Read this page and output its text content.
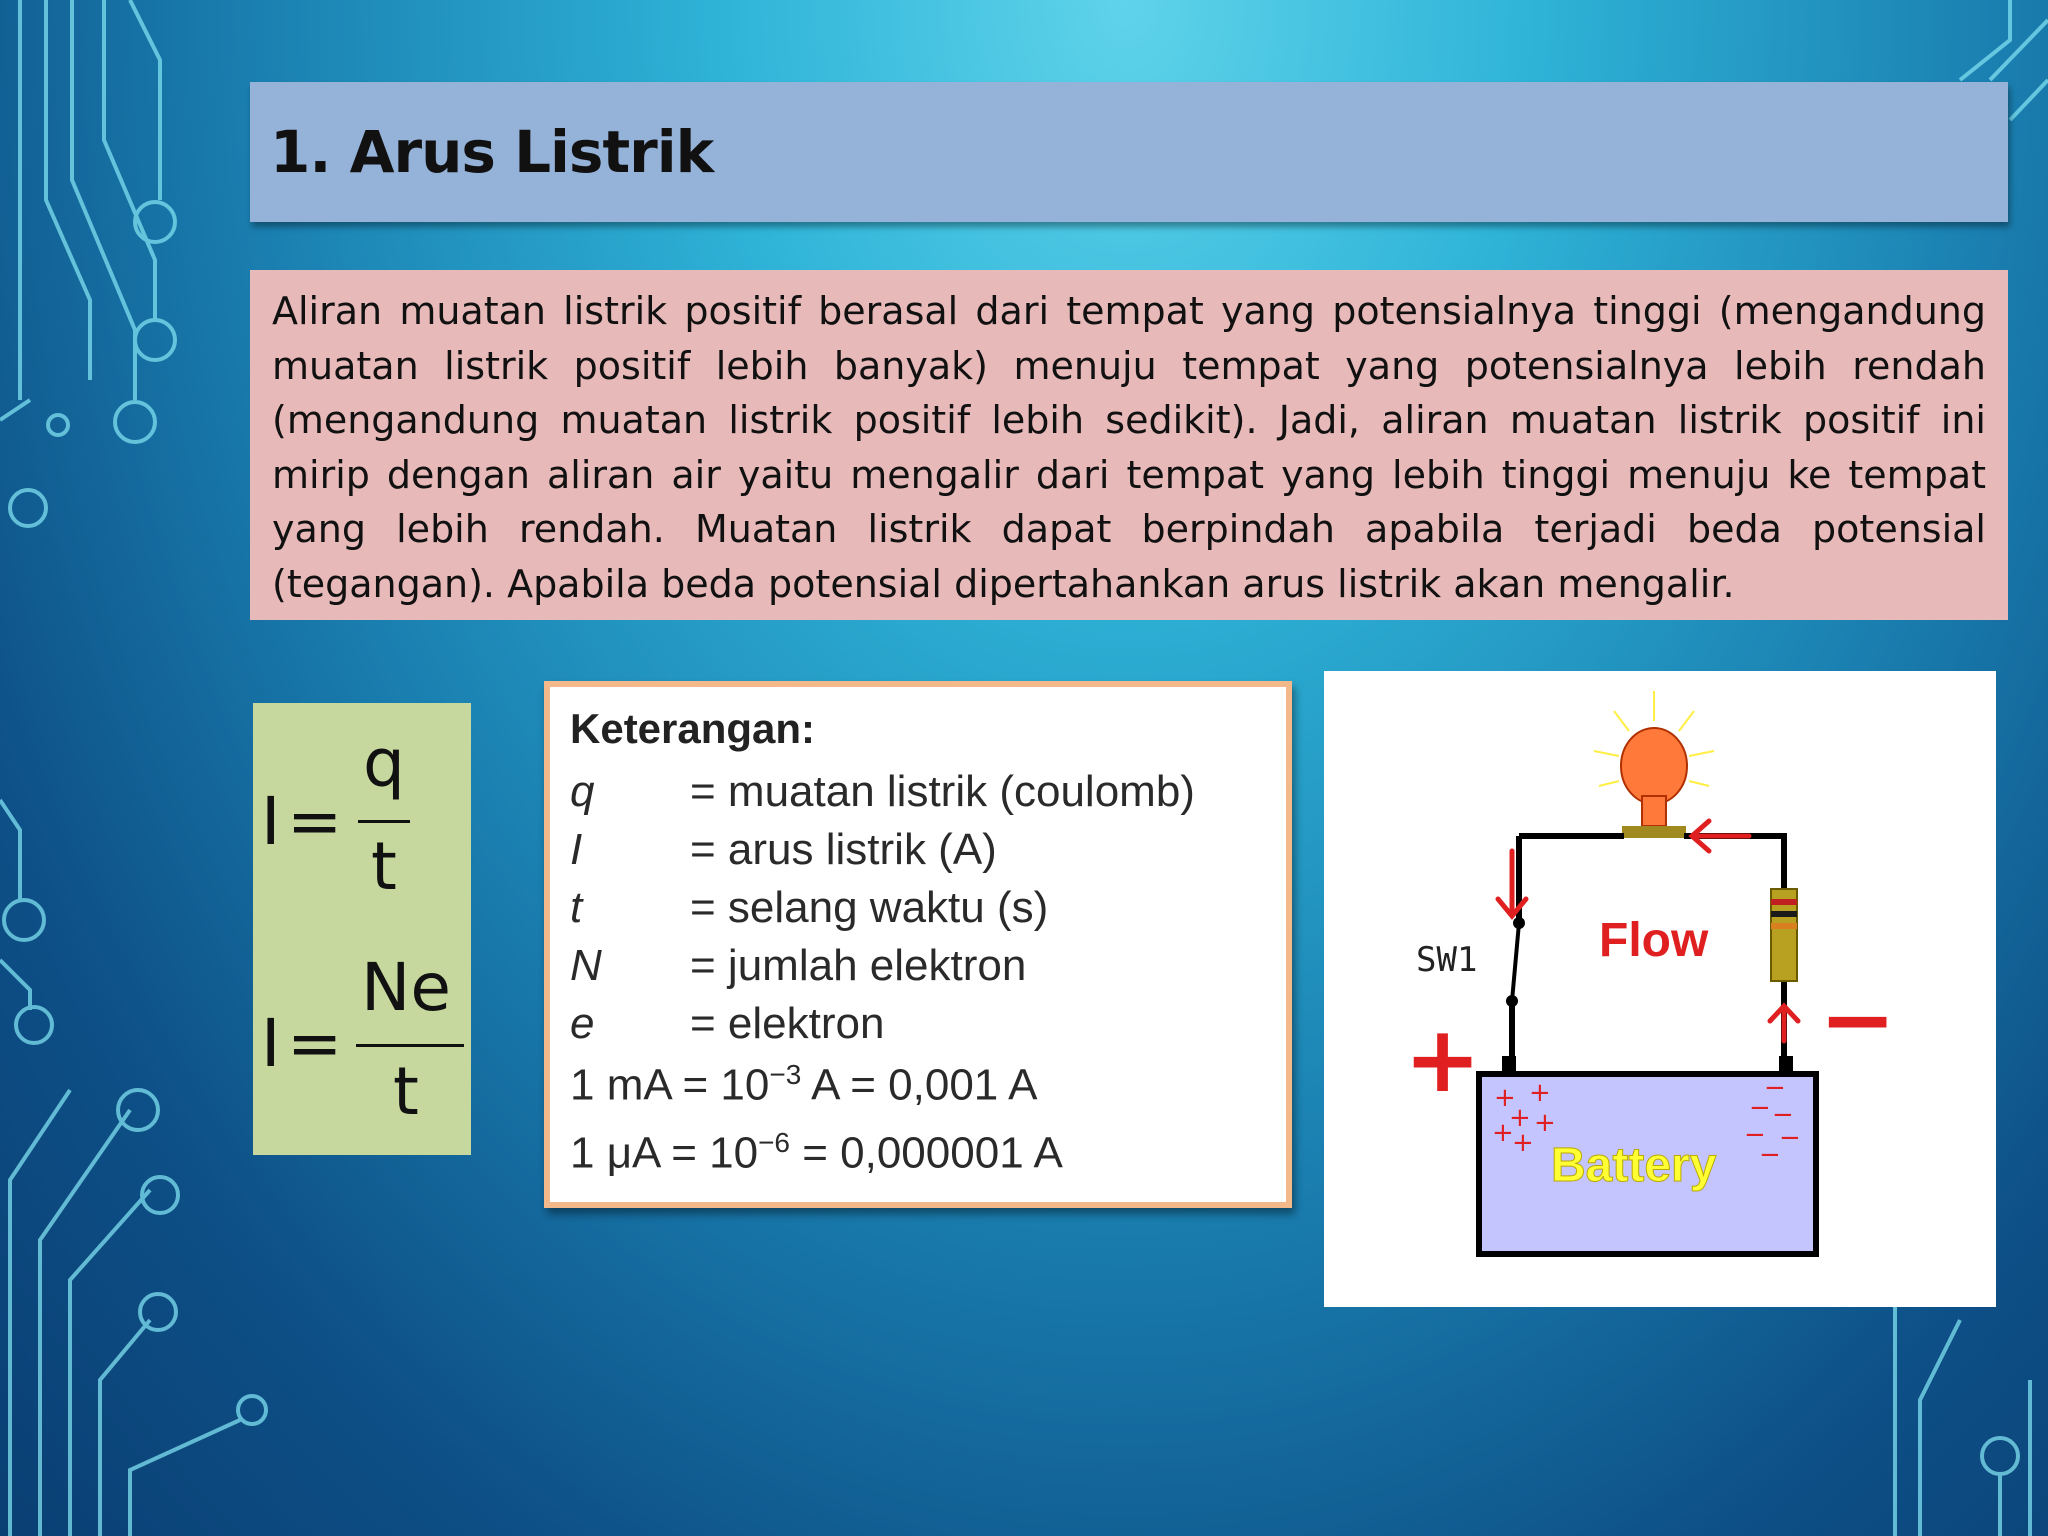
1. Arus Listrik
Aliran muatan listrik positif berasal dari tempat yang potensialnya tinggi (mengandung muatan listrik positif lebih banyak) menuju tempat yang potensialnya lebih rendah (mengandung muatan listrik positif lebih sedikit). Jadi, aliran muatan listrik positif ini mirip dengan aliran air yaitu mengalir dari tempat yang lebih tinggi menuju ke tempat yang lebih rendah. Muatan listrik dapat berpindah apabila terjadi beda potensial (tegangan). Apabila beda potensial dipertahankan arus listrik akan mengalir.
I =
q
t
I =
Ne
t
Keterangan:
q = muatan listrik (coulomb)
I = arus listrik (A)
t = selang waktu (s)
N = jumlah elektron
e = elektron
1 mA = $10^{-3}$ A = 0,001 A
1 $\mu A = 10^{-6} = 0,000001$ A
+ +
+ +
+
+
−
− −
− −
−
SW1	Flow
Battery
+	−
